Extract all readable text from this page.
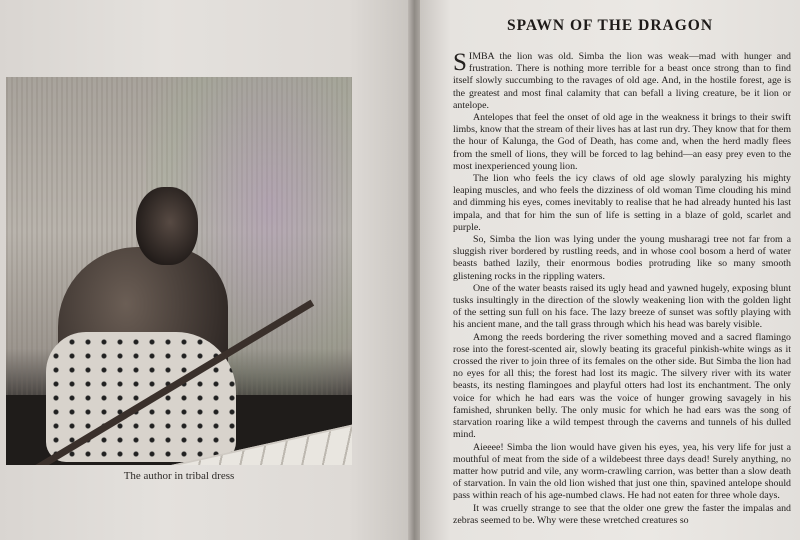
The author in tribal dress
SPAWN OF THE DRAGON

SIMBA the lion was old. Simba the lion was weak—mad with hunger and frustration. There is nothing more terrible for a beast once strong than to find itself slowly succumbing to the ravages of old age. And, in the hostile forest, age is the greatest and most final calamity that can befall a living creature, be it lion or antelope.

Antelopes that feel the onset of old age in the weakness it brings to their swift limbs, know that the stream of their lives has at last run dry. They know that for them the hour of Kalunga, the God of Death, has come and, when the herd madly flees from the smell of lions, they will be forced to lag behind—an easy prey even to the most inexperienced young lion.

The lion who feels the icy claws of old age slowly paralyzing his mighty leaping muscles, and who feels the dizziness of old woman Time clouding his mind and dimming his eyes, comes inevitably to realise that he had already hunted his last impala, and that for him the sun of life is setting in a blaze of gold, scarlet and purple.

So, Simba the lion was lying under the young musharagi tree not far from a sluggish river bordered by rustling reeds, and in whose cool bosom a herd of water beasts bathed lazily, their enormous bodies protruding like so many smooth glistening rocks in the rippling waters.

One of the water beasts raised its ugly head and yawned hugely, exposing blunt tusks insultingly in the direction of the slowly weakening lion with the golden light of the setting sun full on his face. The lazy breeze of sunset was softly playing with his ancient mane, and the tall grass through which his head was barely visible.

Among the reeds bordering the river something moved and a sacred flamingo rose into the forest-scented air, slowly beating its graceful pinkish-white wings as it crossed the river to join three of its females on the other side. But Simba the lion had no eyes for all this; the forest had lost its magic. The silvery river with its water beasts, its nesting flamingoes and playful otters had lost its enchantment. The only voice for which he had ears was the voice of hunger growing savagely in his famished, shrunken belly. The only music for which he had ears was the song of starvation roaring like a wild tempest through the caverns and tunnels of his dulled mind.

Aieeee! Simba the lion would have given his eyes, yea, his very life for just a mouthful of meat from the side of a wildebeest three days dead! Surely anything, no matter how putrid and vile, any worm-crawling carrion, was better than a slow death of starvation. In vain the old lion wished that just one thin, spavined antelope should pass within reach of his age-numbed claws. He had not eaten for three whole days.

It was cruelly strange to see that the older one grew the faster the impalas and zebras seemed to be. Why were these wretched creatures so
